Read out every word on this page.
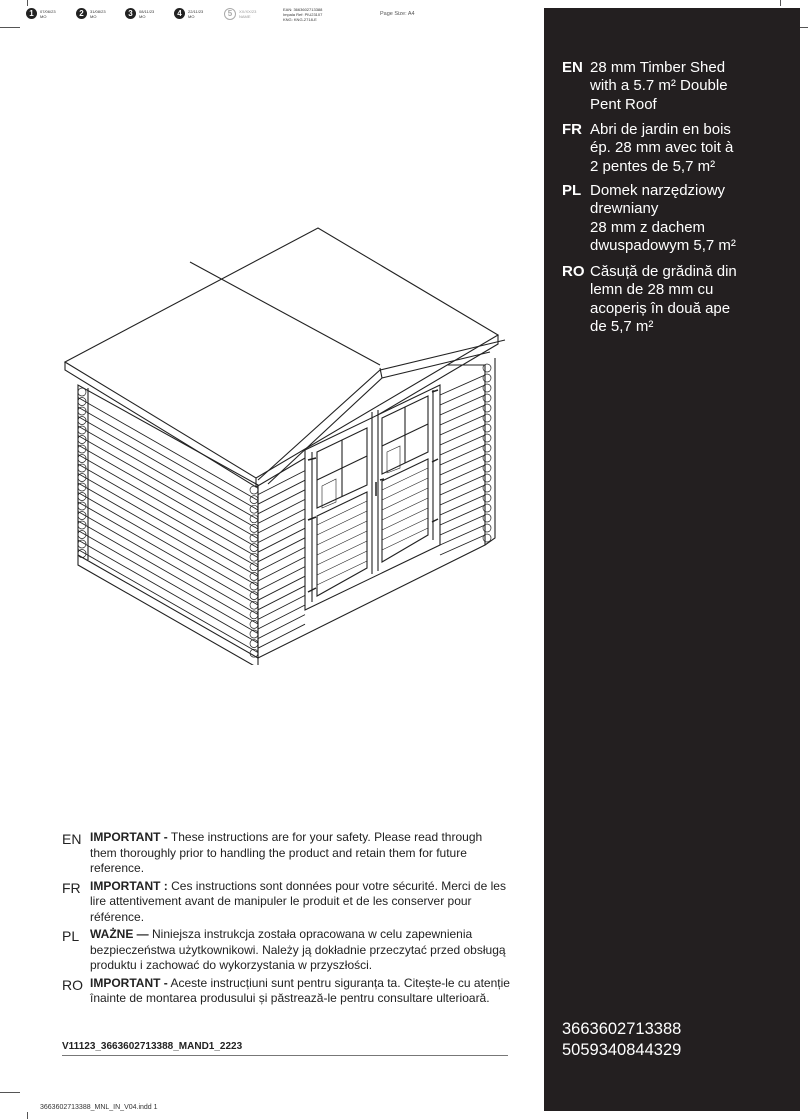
1	07/06/23
MO	2	31/08/23
MO	3	08/11/23
MO	4	22/11/23
MO	5	XX/XX/23
NAME
EAN: 3663602713388
Impala Ref: PIU23107
KNG: KNG-2718-E
Page Size: A4
EN 28 mm Timber Shed
with a 5.7 m² Double
Pent Roof
FR Abri de jardin en bois
ép. 28 mm avec toit à
2 pentes de 5,7 m²
PL Domek narzędziowy
drewniany
28 mm z dachem
dwuspadowym 5,7 m²
RO Căsuță de grădină din
lemn de 28 mm cu
acoperiș în două ape
de 5,7 m²
3663602713388
5059340844329
EN IMPORTANT - These instructions are for your safety. Please read through them thoroughly prior to handling the product and retain them for future reference.
FR IMPORTANT : Ces instructions sont données pour votre sécurité. Merci de les lire attentivement avant de manipuler le produit et de les conserver pour référence.
PL WAŻNE — Niniejsza instrukcja została opracowana w celu zapewnienia bezpieczeństwa użytkownikowi. Należy ją dokładnie przeczytać przed obsługą produktu i zachować do wykorzystania w przyszłości.
RO IMPORTANT - Aceste instrucțiuni sunt pentru siguranța ta. Citește-le cu atenție înainte de montarea produsului și păstrează-le pentru consultare ulterioară.
V11123_3663602713388_MAND1_2223
3663602713388_MNL_IN_V04.indd 1
